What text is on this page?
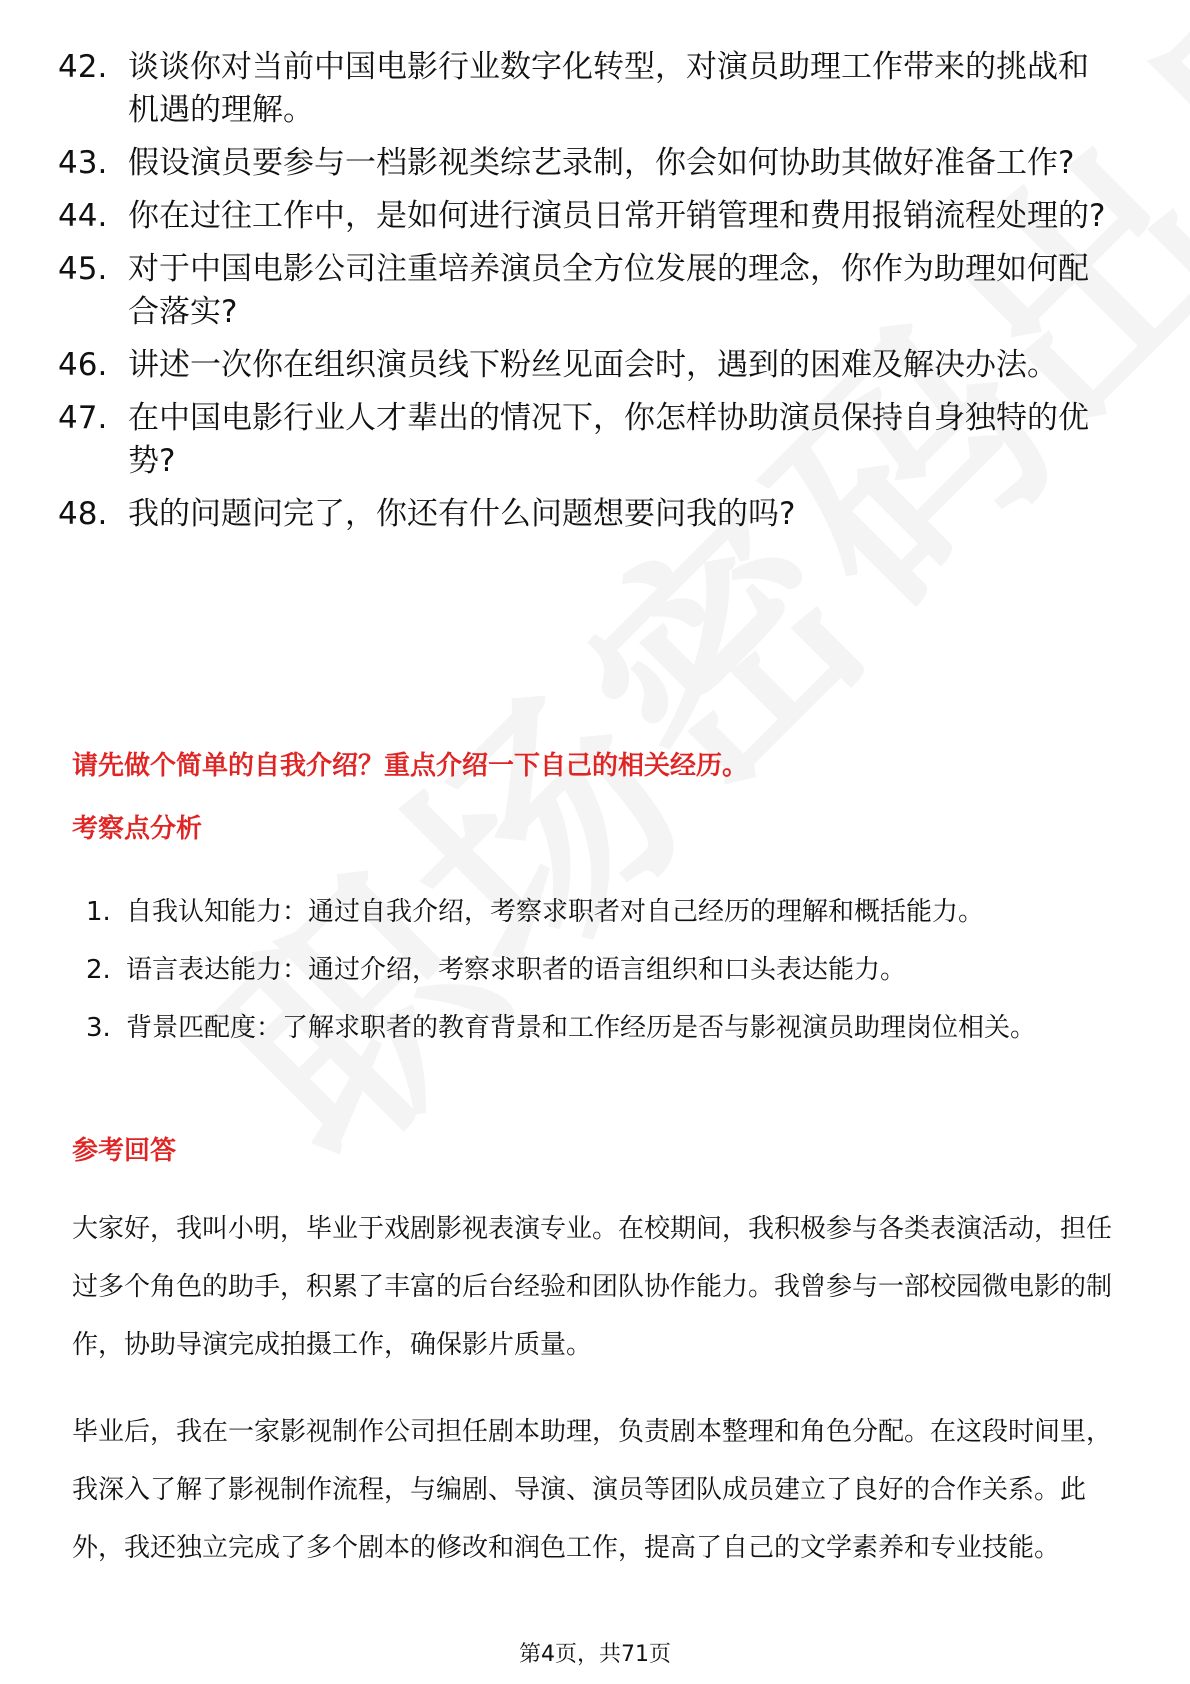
42. 谈谈你对当前中国电影行业数字化转型，对演员助理工作带来的挑战和机遇的理解。
43. 假设演员要参与一档影视类综艺录制，你会如何协助其做好准备工作?
44. 你在过往工作中，是如何进行演员日常开销管理和费用报销流程处理的?
45. 对于中国电影公司注重培养演员全方位发展的理念，你作为助理如何配合落实?
46. 讲述一次你在组织演员线下粉丝见面会时，遇到的困难及解决办法。
47. 在中国电影行业人才辈出的情况下，你怎样协助演员保持自身独特的优势?
48. 我的问题问完了，你还有什么问题想要问我的吗?
请先做个简单的自我介绍？重点介绍一下自己的相关经历。
考察点分析
1. 自我认知能力：通过自我介绍，考察求职者对自己经历的理解和概括能力。
2. 语言表达能力：通过介绍，考察求职者的语言组织和口头表达能力。
3. 背景匹配度：了解求职者的教育背景和工作经历是否与影视演员助理岗位相关。
参考回答

大家好，我叫小明，毕业于戏剧影视表演专业。在校期间，我积极参与各类表演活动，担任过多个角色的助手，积累了丰富的后台经验和团队协作能力。我曾参与一部校园微电影的制作，协助导演完成拍摄工作，确保影片质量。

毕业后，我在一家影视制作公司担任剧本助理，负责剧本整理和角色分配。在这段时间里，我深入了解了影视制作流程，与编剧、导演、演员等团队成员建立了良好的合作关系。此外，我还独立完成了多个剧本的修改和润色工作，提高了自己的文学素养和专业技能。

第4页，共71页
